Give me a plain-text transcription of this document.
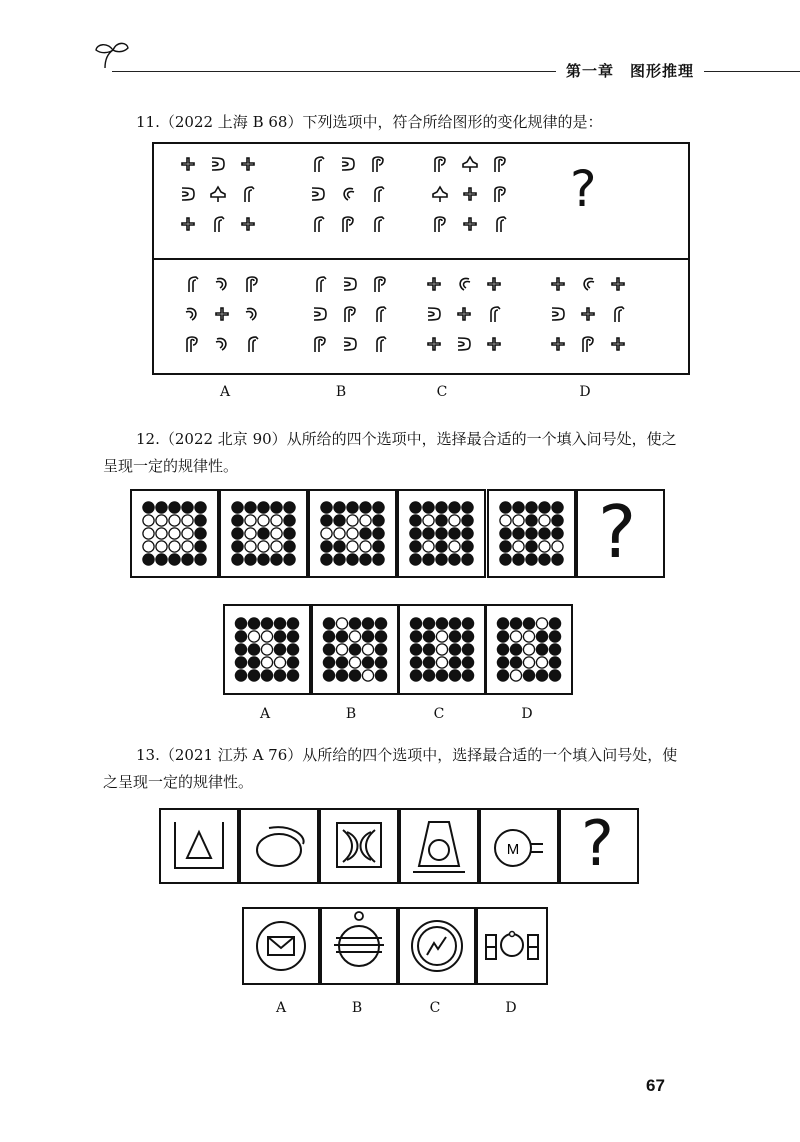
第一章　图形推理
11.（2022 上海 B 68）下列选项中，符合所给图形的变化规律的是：
?
A	B	C	D
12.（2022 北京 90）从所给的四个选项中，选择最合适的一个填入问号处，使之
呈现一定的规律性。
?
A	B	C	D
13.（2021 江苏 A 76）从所给的四个选项中，选择最合适的一个填入问号处，使
之呈现一定的规律性。
M ?
A	B	C	D
67
